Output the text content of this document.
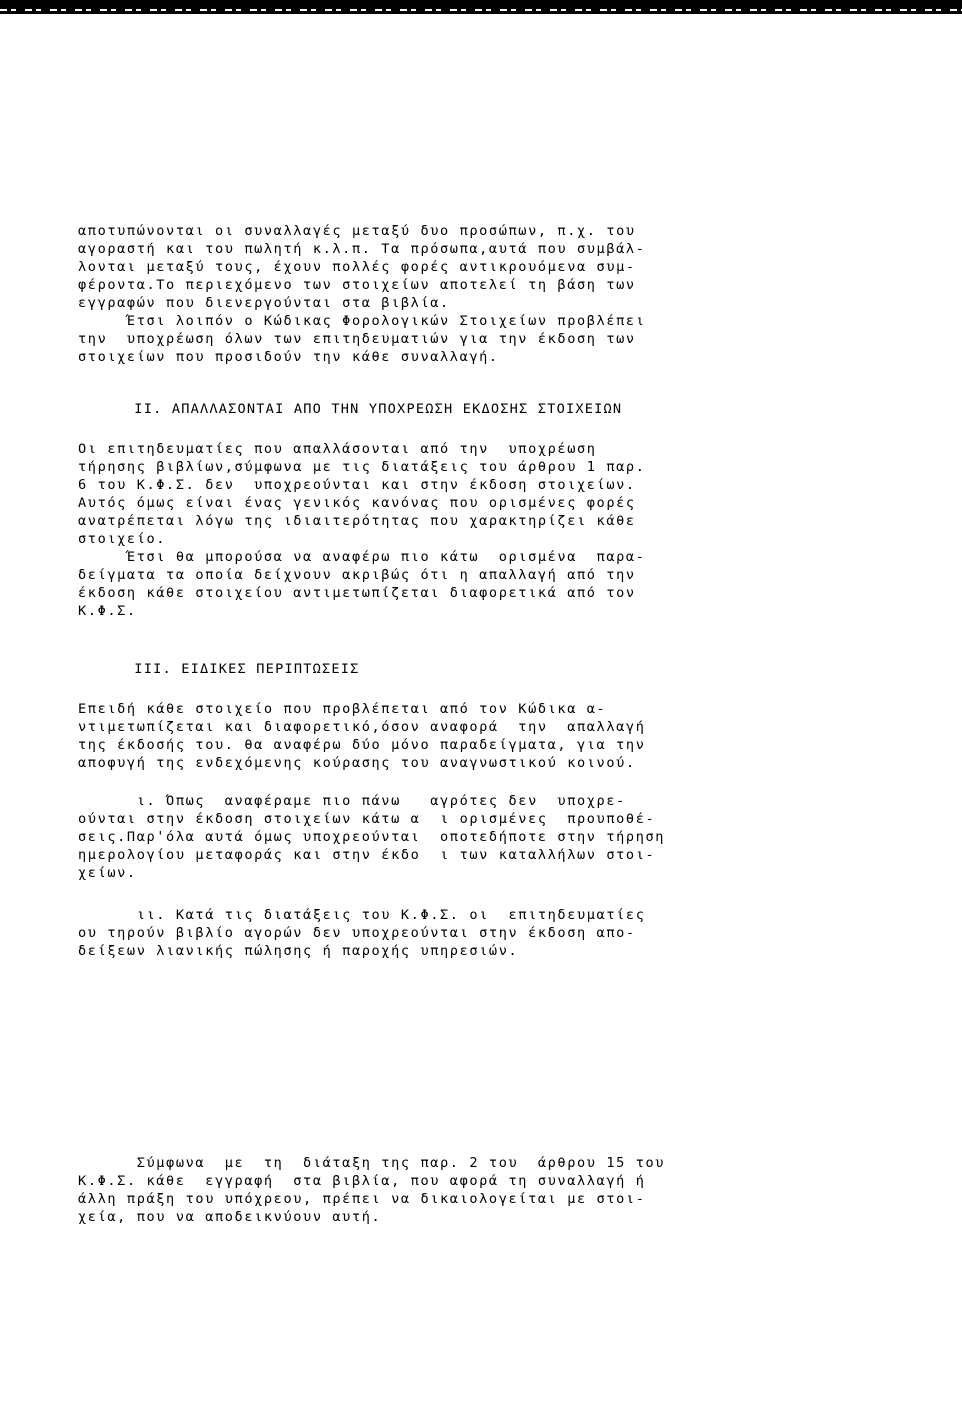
αποτυπώνονται οι συναλλαγές μεταξύ δυο προσώπων, π.χ. του
αγοραστή και του πωλητή κ.λ.π. Τα πρόσωπα,αυτά που συμβάλ-
λονται μεταξύ τους, έχουν πολλές φορές αντικρουόμενα συμ-
φέροντα.Το περιεχόμενο των στοιχείων αποτελεί τη βάση των
εγγραφών που διενεργούνται στα βιβλία.
Έτσι λοιπόν ο Κώδικας Φορολογικών Στοιχείων προβλέπει
την  υποχρέωση όλων των επιτηδευματιών για την έκδοση των
στοιχείων που προσιδούν την κάθε συναλλαγή.
ΙΙ. ΑΠΑΛΛΑΣΟΝΤΑΙ ΑΠΟ ΤΗΝ ΥΠΟΧΡΕΩΣΗ ΕΚΔΟΣΗΣ ΣΤΟΙΧΕΙΩΝ
Οι επιτηδευματίες που απαλλάσονται από την  υποχρέωση
τήρησης βιβλίων,σύμφωνα με τις διατάξεις του άρθρου 1 παρ.
6 του Κ.Φ.Σ. δεν  υποχρεούνται και στην έκδοση στοιχείων.
Αυτός όμως είναι ένας γενικός κανόνας που ορισμένες φορές
ανατρέπεται λόγω της ιδιαιτερότητας που χαρακτηρίζει κάθε
στοιχείο.
Έτσι θα μπορούσα να αναφέρω πιο κάτω  ορισμένα  παρα-
δείγματα τα οποία δείχνουν ακριβώς ότι η απαλλαγή από την
έκδοση κάθε στοιχείου αντιμετωπίζεται διαφορετικά από τον
Κ.Φ.Σ.
ΙΙΙ. ΕΙΔΙΚΕΣ ΠΕΡΙΠΤΩΣΕΙΣ
Επειδή κάθε στοιχείο που προβλέπεται από τον Κώδικα α-
ντιμετωπίζεται και διαφορετικό,όσον αναφορά  την  απαλλαγή
της έκδοσής του. θα αναφέρω δύο μόνο παραδείγματα, για την
αποφυγή της ενδεχόμενης κούρασης του αναγνωστικού κοινού.
ι. Όπως  αναφέραμε πιο πάνω   αγρότες δεν  υποχρε-
ούνται στην έκδοση στοιχείων κάτω α  ι ορισμένες  προυποθέ-
σεις.Παρ'όλα αυτά όμως υποχρεούνται  οποτεδήποτε στην τήρηση
ημερολογίου μεταφοράς και στην έκδο  ι των καταλλήλων στοι-
χείων.
ιι. Κατά τις διατάξεις του Κ.Φ.Σ. οι  επιτηδευματίες
ου τηρούν βιβλίο αγορών δεν υποχρεούνται στην έκδοση απο-
δείξεων λιανικής πώλησης ή παροχής υπηρεσιών.
Σύμφωνα  με  τη  διάταξη της παρ. 2 του  άρθρου 15 του
Κ.Φ.Σ. κάθε  εγγραφή  στα βιβλία, που αφορά τη συναλλαγή ή
άλλη πράξη του υπόχρεου, πρέπει να δικαιολογείται με στοι-
χεία, που να αποδεικνύουν αυτή.
